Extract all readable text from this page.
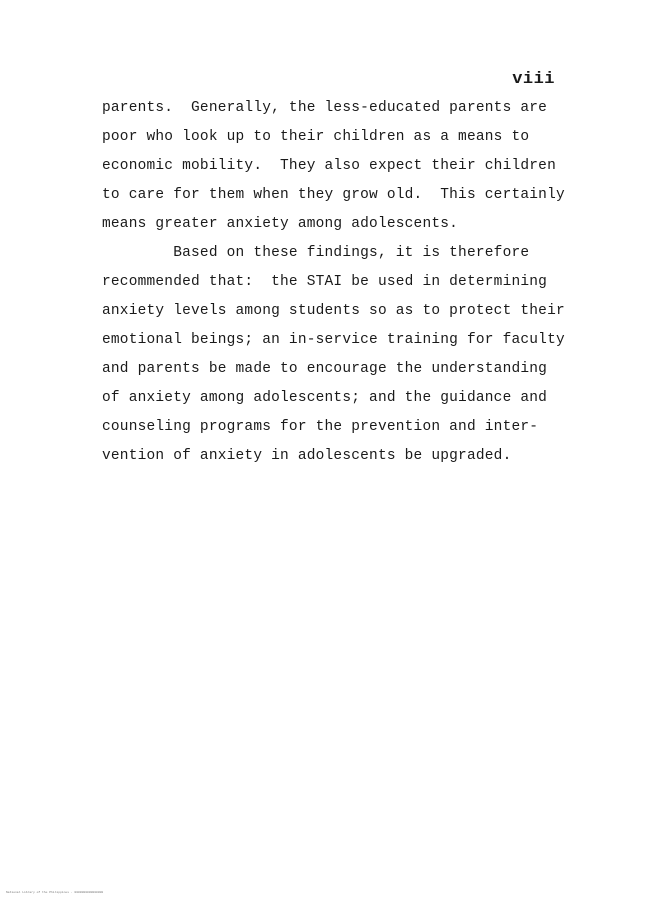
viii
parents.  Generally, the less-educated parents are
poor who look up to their children as a means to
economic mobility.  They also expect their children
to care for them when they grow old.  This certainly
means greater anxiety among adolescents.
Based on these findings, it is therefore
recommended that:  the STAI be used in determining
anxiety levels among students so as to protect their
emotional beings; an in-service training for faculty
and parents be made to encourage the understanding
of anxiety among adolescents; and the guidance and
counseling programs for the prevention and inter-
vention of anxiety in adolescents be upgraded.
National Library of the Philippines · 0000000000000000
